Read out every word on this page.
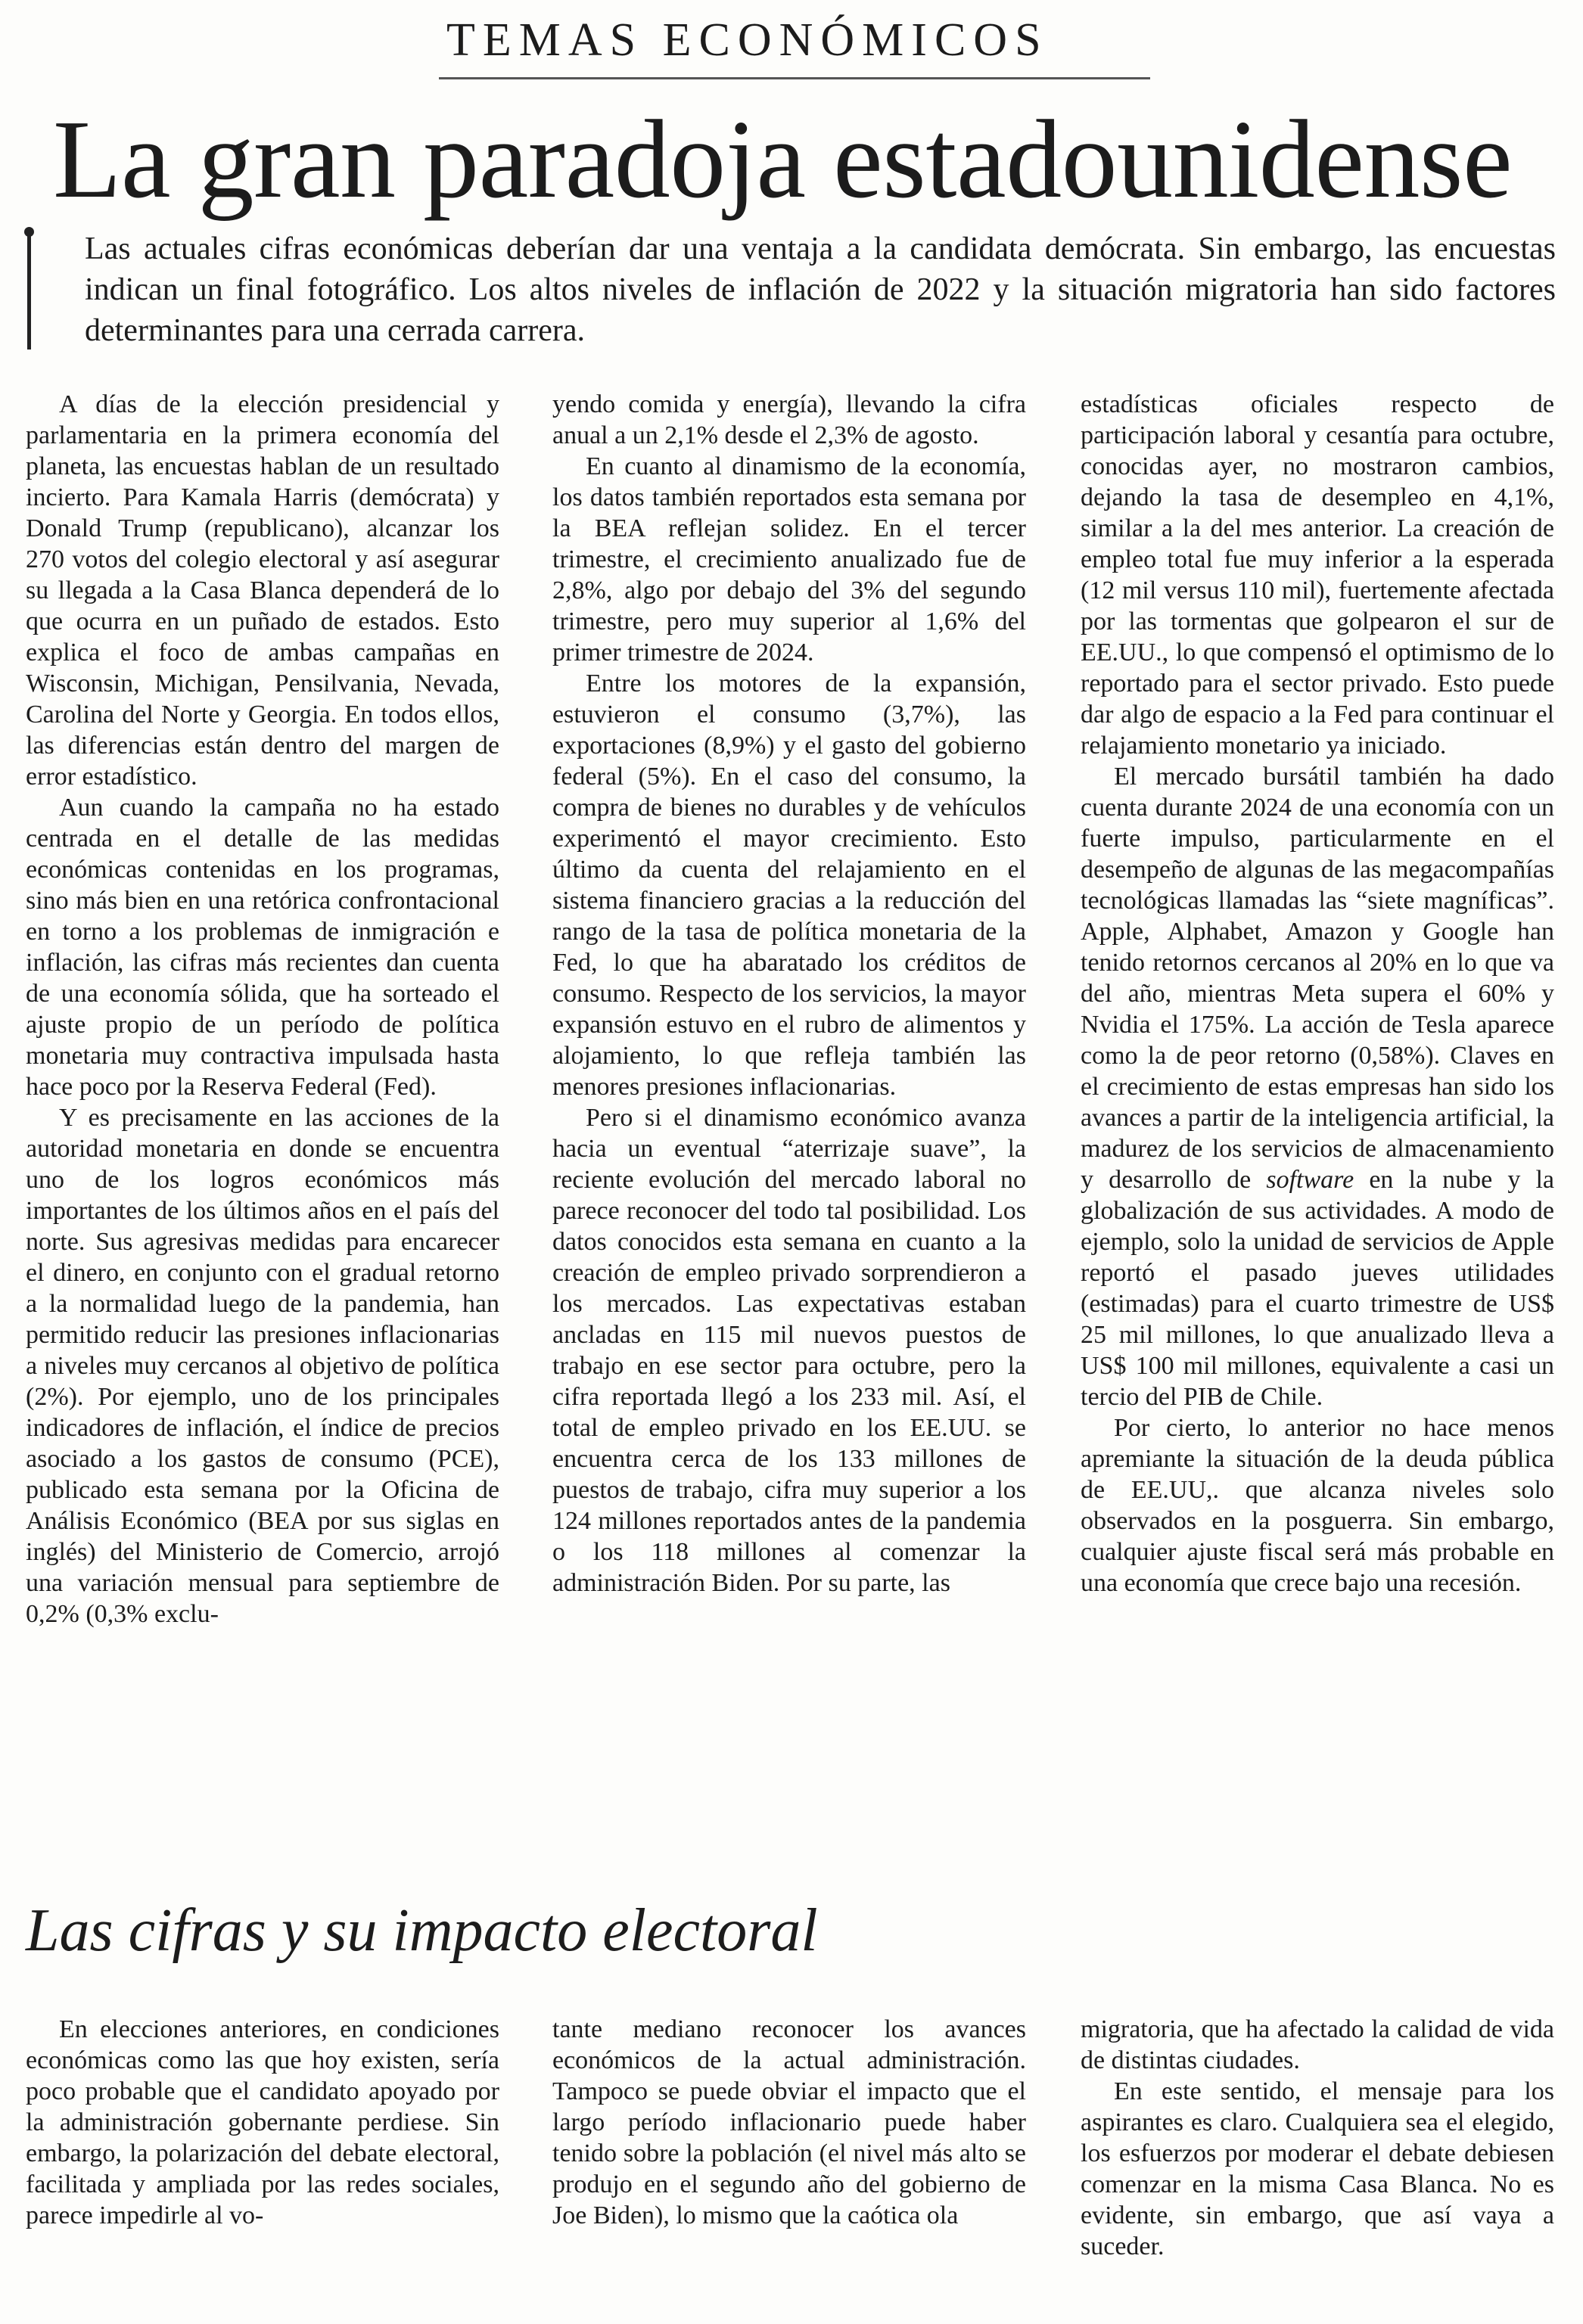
TEMAS ECONÓMICOS
La gran paradoja estadounidense
Las actuales cifras económicas deberían dar una ventaja a la candidata demócrata. Sin embargo, las encuestas indican un final fotográfico. Los altos niveles de inflación de 2022 y la situación migratoria han sido factores determinantes para una cerrada carrera.

A días de la elección presidencial y parlamentaria en la primera economía del planeta, las encuestas hablan de un resultado incierto. Para Kamala Harris (demócrata) y Donald Trump (republicano), alcanzar los 270 votos del colegio electoral y así asegurar su llegada a la Casa Blanca dependerá de lo que ocurra en un puñado de estados. Esto explica el foco de ambas campañas en Wisconsin, Michigan, Pensilvania, Nevada, Carolina del Norte y Georgia. En todos ellos, las diferencias están dentro del margen de error estadístico.

Aun cuando la campaña no ha estado centrada en el detalle de las medidas económicas contenidas en los programas, sino más bien en una retórica confrontacional en torno a los problemas de inmigración e inflación, las cifras más recientes dan cuenta de una economía sólida, que ha sorteado el ajuste propio de un período de política monetaria muy contractiva impulsada hasta hace poco por la Reserva Federal (Fed).

Y es precisamente en las acciones de la autoridad monetaria en donde se encuentra uno de los logros económicos más importantes de los últimos años en el país del norte. Sus agresivas medidas para encarecer el dinero, en conjunto con el gradual retorno a la normalidad luego de la pandemia, han permitido reducir las presiones inflacionarias a niveles muy cercanos al objetivo de política (2%). Por ejemplo, uno de los principales indicadores de inflación, el índice de precios asociado a los gastos de consumo (PCE), publicado esta semana por la Oficina de Análisis Económico (BEA por sus siglas en inglés) del Ministerio de Comercio, arrojó una variación mensual para septiembre de 0,2% (0,3% exclu-

yendo comida y energía), llevando la cifra anual a un 2,1% desde el 2,3% de agosto.

En cuanto al dinamismo de la economía, los datos también reportados esta semana por la BEA reflejan solidez. En el tercer trimestre, el crecimiento anualizado fue de 2,8%, algo por debajo del 3% del segundo trimestre, pero muy superior al 1,6% del primer trimestre de 2024.

Entre los motores de la expansión, estuvieron el consumo (3,7%), las exportaciones (8,9%) y el gasto del gobierno federal (5%). En el caso del consumo, la compra de bienes no durables y de vehículos experimentó el mayor crecimiento. Esto último da cuenta del relajamiento en el sistema financiero gracias a la reducción del rango de la tasa de política monetaria de la Fed, lo que ha abaratado los créditos de consumo. Respecto de los servicios, la mayor expansión estuvo en el rubro de alimentos y alojamiento, lo que refleja también las menores presiones inflacionarias.

Pero si el dinamismo económico avanza hacia un eventual “aterrizaje suave”, la reciente evolución del mercado laboral no parece reconocer del todo tal posibilidad. Los datos conocidos esta semana en cuanto a la creación de empleo privado sorprendieron a los mercados. Las expectativas estaban ancladas en 115 mil nuevos puestos de trabajo en ese sector para octubre, pero la cifra reportada llegó a los 233 mil. Así, el total de empleo privado en los EE.UU. se encuentra cerca de los 133 millones de puestos de trabajo, cifra muy superior a los 124 millones reportados antes de la pandemia o los 118 millones al comenzar la administración Biden. Por su parte, las

estadísticas oficiales respecto de participación laboral y cesantía para octubre, conocidas ayer, no mostraron cambios, dejando la tasa de desempleo en 4,1%, similar a la del mes anterior. La creación de empleo total fue muy inferior a la esperada (12 mil versus 110 mil), fuertemente afectada por las tormentas que golpearon el sur de EE.UU., lo que compensó el optimismo de lo reportado para el sector privado. Esto puede dar algo de espacio a la Fed para continuar el relajamiento monetario ya iniciado.

El mercado bursátil también ha dado cuenta durante 2024 de una economía con un fuerte impulso, particularmente en el desempeño de algunas de las megacompañías tecnológicas llamadas las “siete magníficas”. Apple, Alphabet, Amazon y Google han tenido retornos cercanos al 20% en lo que va del año, mientras Meta supera el 60% y Nvidia el 175%. La acción de Tesla aparece como la de peor retorno (0,58%). Claves en el crecimiento de estas empresas han sido los avances a partir de la inteligencia artificial, la madurez de los servicios de almacenamiento y desarrollo de software en la nube y la globalización de sus actividades. A modo de ejemplo, solo la unidad de servicios de Apple reportó el pasado jueves utilidades (estimadas) para el cuarto trimestre de US$ 25 mil millones, lo que anualizado lleva a US$ 100 mil millones, equivalente a casi un tercio del PIB de Chile.

Por cierto, lo anterior no hace menos apremiante la situación de la deuda pública de EE.UU,. que alcanza niveles solo observados en la posguerra. Sin embargo, cualquier ajuste fiscal será más probable en una economía que crece bajo una recesión.

Las cifras y su impacto electoral

En elecciones anteriores, en condiciones económicas como las que hoy existen, sería poco probable que el candidato apoyado por la administración gobernante perdiese. Sin embargo, la polarización del debate electoral, facilitada y ampliada por las redes sociales, parece impedirle al vo-

tante mediano reconocer los avances económicos de la actual administración. Tampoco se puede obviar el impacto que el largo período inflacionario puede haber tenido sobre la población (el nivel más alto se produjo en el segundo año del gobierno de Joe Biden), lo mismo que la caótica ola

migratoria, que ha afectado la calidad de vida de distintas ciudades.

En este sentido, el mensaje para los aspirantes es claro. Cualquiera sea el elegido, los esfuerzos por moderar el debate debiesen comenzar en la misma Casa Blanca. No es evidente, sin embargo, que así vaya a suceder.
